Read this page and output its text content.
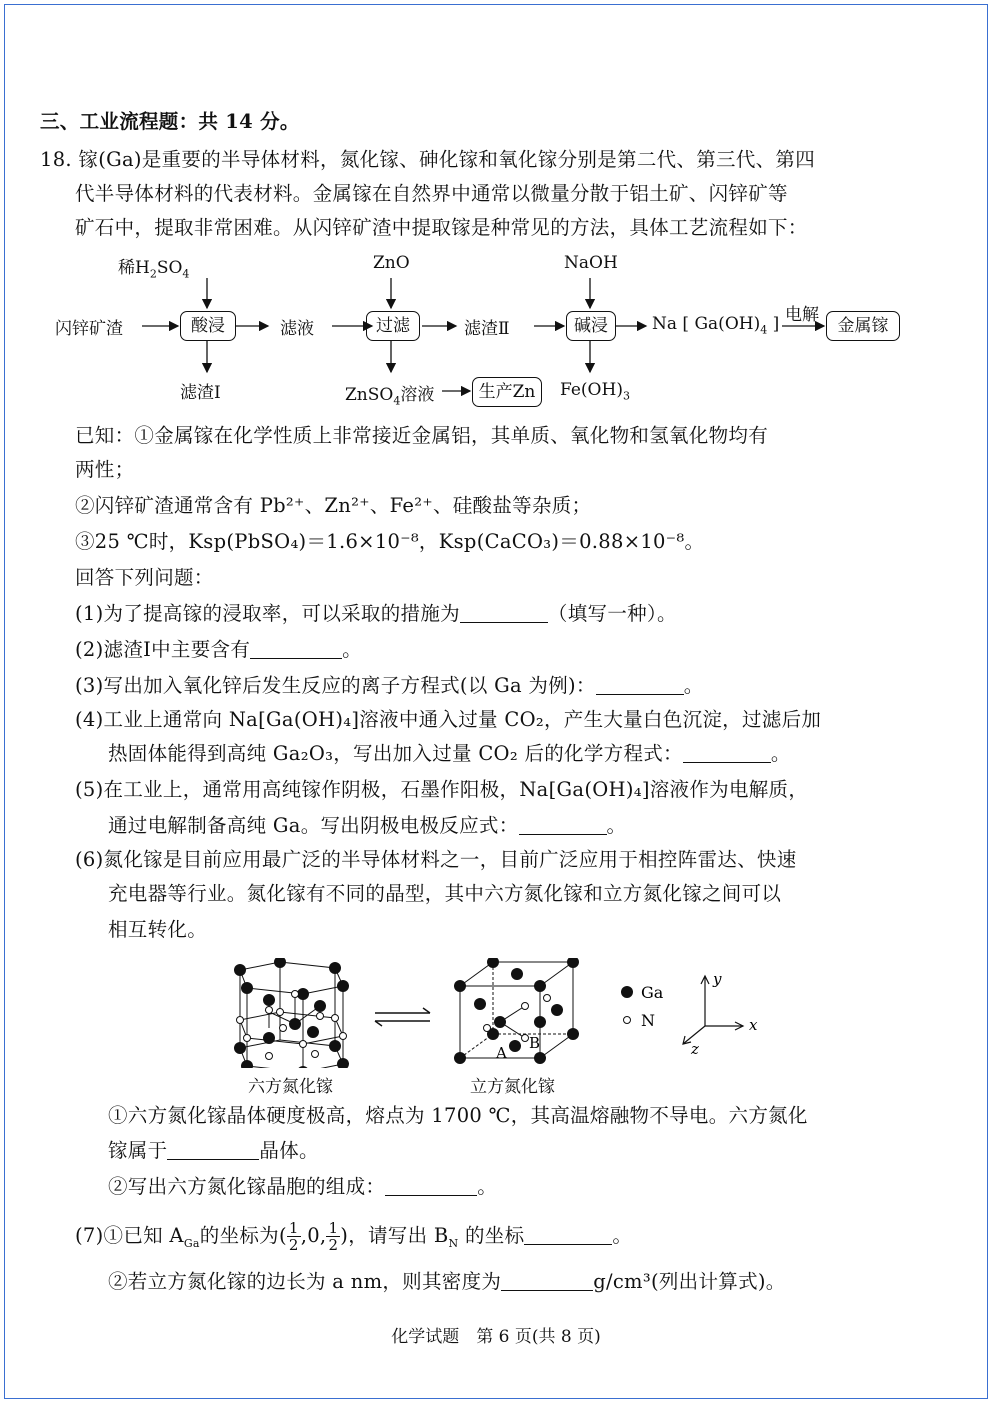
三、工业流程题：共 14 分。
18. 镓(Ga)是重要的半导体材料，氮化镓、砷化镓和氧化镓分别是第二代、第三代、第四
代半导体材料的代表材料。金属镓在自然界中通常以微量分散于铝土矿、闪锌矿等
矿石中，提取非常困难。从闪锌矿渣中提取镓是种常见的方法，具体工艺流程如下：
稀$H_2SO_4$
ZnO	NaOH
闪锌矿渣	酸浸	滤液	过滤	滤渣Ⅱ	碱浸	Na [ $Ga(OH)_4$ ] 电解
金属镓
滤渣Ⅰ	ZnSO$_4$溶液	生产Zn	$Fe(OH)_3$
已知：①金属镓在化学性质上非常接近金属铝，其单质、氧化物和氢氧化物均有
两性；
②闪锌矿渣通常含有 Pb²⁺、Zn²⁺、Fe²⁺、硅酸盐等杂质；
③25 ℃时，Ksp(PbSO₄)＝1.6×10⁻⁸，Ksp(CaCO₃)＝0.88×10⁻⁸。
回答下列问题：
(1)为了提高镓的浸取率，可以采取的措施为	（填写一种）。
(2)滤渣Ⅰ中主要含有	。
(3)写出加入氧化锌后发生反应的离子方程式(以 Ga 为例)：	。
(4)工业上通常向 Na[Ga(OH)₄]溶液中通入过量 CO₂，产生大量白色沉淀，过滤后加
热固体能得到高纯 Ga₂O₃，写出加入过量 CO₂ 后的化学方程式：	。
(5)在工业上，通常用高纯镓作阴极，石墨作阳极，Na[Ga(OH)₄]溶液作为电解质，
通过电解制备高纯 Ga。写出阴极电极反应式：	。
(6)氮化镓是目前应用最广泛的半导体材料之一，目前广泛应用于相控阵雷达、快速
充电器等行业。氮化镓有不同的晶型，其中六方氮化镓和立方氮化镓之间可以
相互转化。
A
B
Ga
N
y
x
z
六方氮化镓	立方氮化镓
①六方氮化镓晶体硬度极高，熔点为 1700 ℃，其高温熔融物不导电。六方氮化
镓属于	晶体。
②写出六方氮化镓晶胞的组成：	。
(7)①已知 $A_{Ga}$的坐标为( $\frac{1}{2} ,0$, $\frac{1}{2}$ )，请写出 $B_N$ 的坐标	。
②若立方氮化镓的边长为 a nm，则其密度为	g/cm³(列出计算式)。
化学试题　第 6 页(共 8 页)
